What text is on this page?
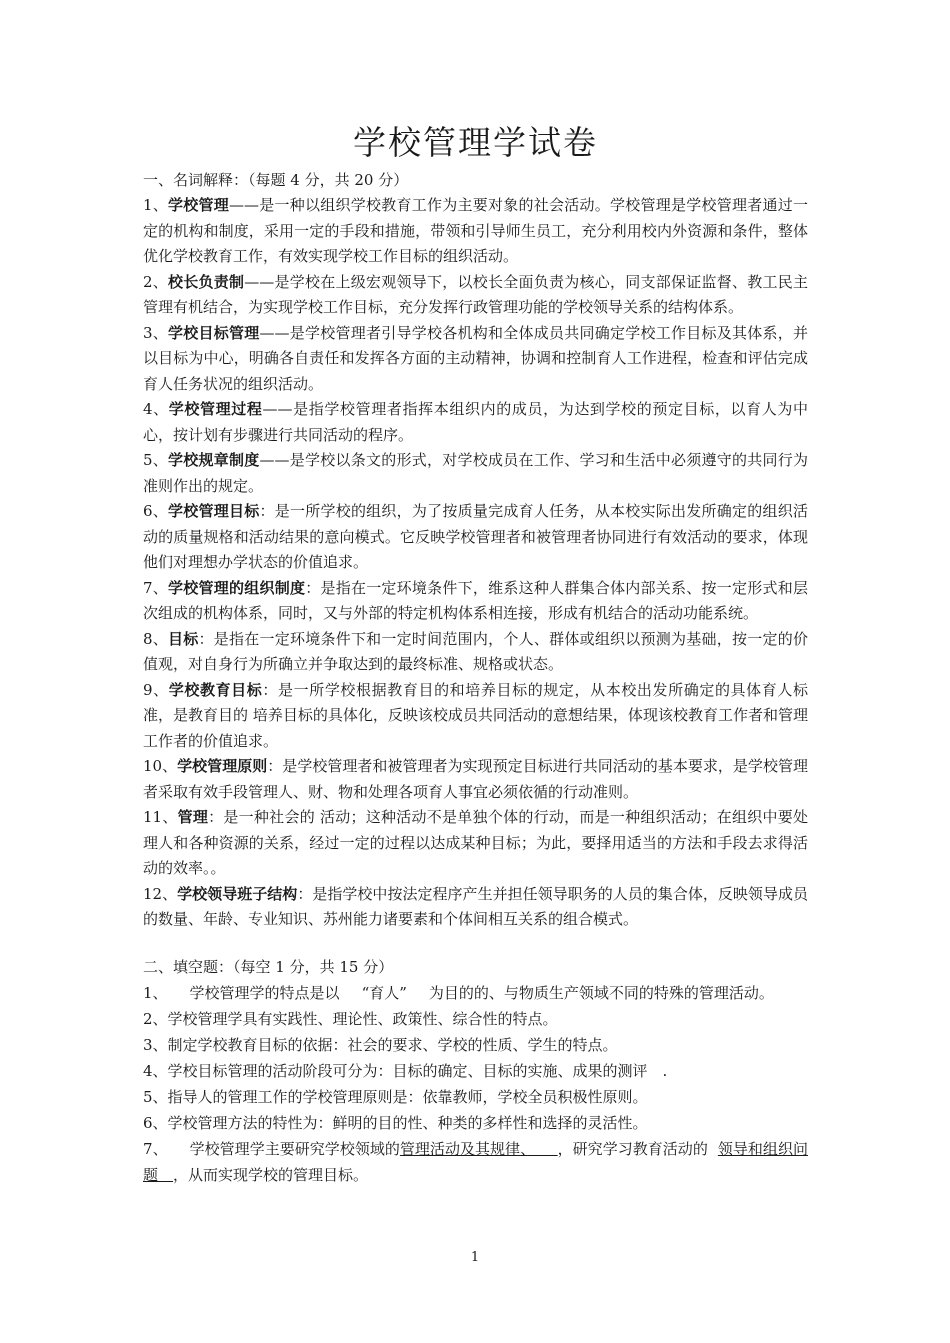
学校管理学试卷
一、名词解释：（每题 4 分，共 20 分）
1、学校管理——是一种以组织学校教育工作为主要对象的社会活动。学校管理是学校管理者通过一定的机构和制度，采用一定的手段和措施，带领和引导师生员工，充分利用校内外资源和条件，整体优化学校教育工作，有效实现学校工作目标的组织活动。
2、校长负责制——是学校在上级宏观领导下，以校长全面负责为核心，同支部保证监督、教工民主管理有机结合，为实现学校工作目标，充分发挥行政管理功能的学校领导关系的结构体系。
3、学校目标管理——是学校管理者引导学校各机构和全体成员共同确定学校工作目标及其体系，并以目标为中心，明确各自责任和发挥各方面的主动精神，协调和控制育人工作进程，检查和评估完成育人任务状况的组织活动。
4、学校管理过程——是指学校管理者指挥本组织内的成员，为达到学校的预定目标，以育人为中心，按计划有步骤进行共同活动的程序。
5、学校规章制度——是学校以条文的形式，对学校成员在工作、学习和生活中必须遵守的共同行为准则作出的规定。
6、学校管理目标：是一所学校的组织，为了按质量完成育人任务，从本校实际出发所确定的组织活动的质量规格和活动结果的意向模式。它反映学校管理者和被管理者协同进行有效活动的要求，体现他们对理想办学状态的价值追求。
7、学校管理的组织制度：是指在一定环境条件下，维系这种人群集合体内部关系、按一定形式和层次组成的机构体系，同时，又与外部的特定机构体系相连接，形成有机结合的活动功能系统。
8、目标：是指在一定环境条件下和一定时间范围内，个人、群体或组织以预测为基础，按一定的价值观，对自身行为所确立并争取达到的最终标准、规格或状态。
9、学校教育目标：是一所学校根据教育目的和培养目标的规定，从本校出发所确定的具体育人标准，是教育目的 培养目标的具体化，反映该校成员共同活动的意想结果，体现该校教育工作者和管理工作者的价值追求。
10、学校管理原则：是学校管理者和被管理者为实现预定目标进行共同活动的基本要求，是学校管理者采取有效手段管理人、财、物和处理各项育人事宜必须依循的行动准则。
11、管理：是一种社会的 活动；这种活动不是单独个体的行动，而是一种组织活动；在组织中要处理人和各种资源的关系，经过一定的过程以达成某种目标；为此，要择用适当的方法和手段去求得活动的效率。。
12、学校领导班子结构：是指学校中按法定程序产生并担任领导职务的人员的集合体，反映领导成员的数量、年龄、专业知识、苏州能力诸要素和个体间相互关系的组合模式。
二、填空题：（每空 1 分，共 15 分）
1、 学校管理学的特点是以 “育人” 为目的的、与物质生产领域不同的特殊的管理活动。
2、学校管理学具有实践性、理论性、政策性、综合性的特点。
3、制定学校教育目标的依据：社会的要求、学校的性质、学生的特点。
4、学校目标管理的活动阶段可分为：目标的确定、目标的实施、成果的测评　.
5、指导人的管理工作的学校管理原则是：依靠教师，学校全员积极性原则。
6、学校管理方法的特性为：鲜明的目的性、种类的多样性和选择的灵活性。
7、 学校管理学主要研究学校领域的管理活动及其规律、　　 ，研究学习教育活动的 领导和组织问题　 ，从而实现学校的管理目标。
1
